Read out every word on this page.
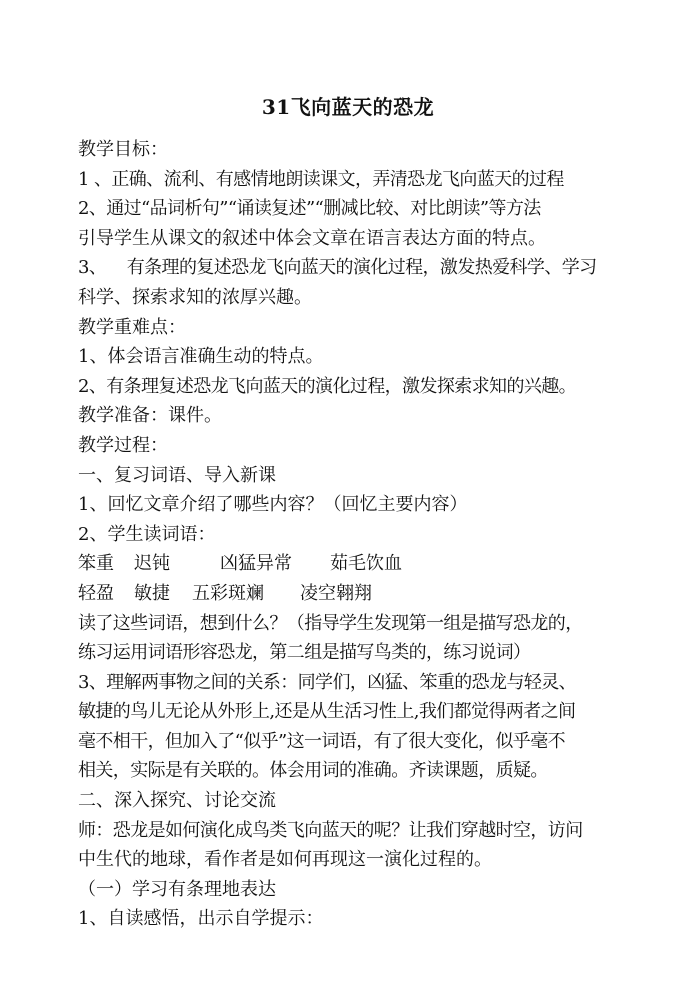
31飞向蓝天的恐龙
教学目标：
1 、正确、流利、有感情地朗读课文，弄清恐龙飞向蓝天的过程
2、通过“品词析句”“诵读复述”“删减比较、对比朗读”等方法
引导学生从课文的叙述中体会文章在语言表达方面的特点。
3、    有条理的复述恐龙飞向蓝天的演化过程，激发热爱科学、学习
科学、探索求知的浓厚兴趣。
教学重难点：
1、体会语言准确生动的特点。
2、有条理复述恐龙飞向蓝天的演化过程，激发探索求知的兴趣。
教学准备：课件。
教学过程：
一、复习词语、导入新课
1、回忆文章介绍了哪些内容？（回忆主要内容）
2、学生读词语：
笨重 迟钝	凶猛异常 茹毛饮血
轻盈 敏捷 五彩斑斓 凌空翱翔
读了这些词语，想到什么？（指导学生发现第一组是描写恐龙的，
练习运用词语形容恐龙，第二组是描写鸟类的，练习说词）
3、理解两事物之间的关系：同学们，凶猛、笨重的恐龙与轻灵、
敏捷的鸟儿无论从外形上,还是从生活习性上,我们都觉得两者之间
毫不相干，但加入了“似乎”这一词语，有了很大变化，似乎毫不
相关，实际是有关联的。体会用词的准确。齐读课题，质疑。
二、深入探究、讨论交流
师：恐龙是如何演化成鸟类飞向蓝天的呢？让我们穿越时空，访问
中生代的地球，看作者是如何再现这一演化过程的。
（一）学习有条理地表达
1、自读感悟，出示自学提示：
